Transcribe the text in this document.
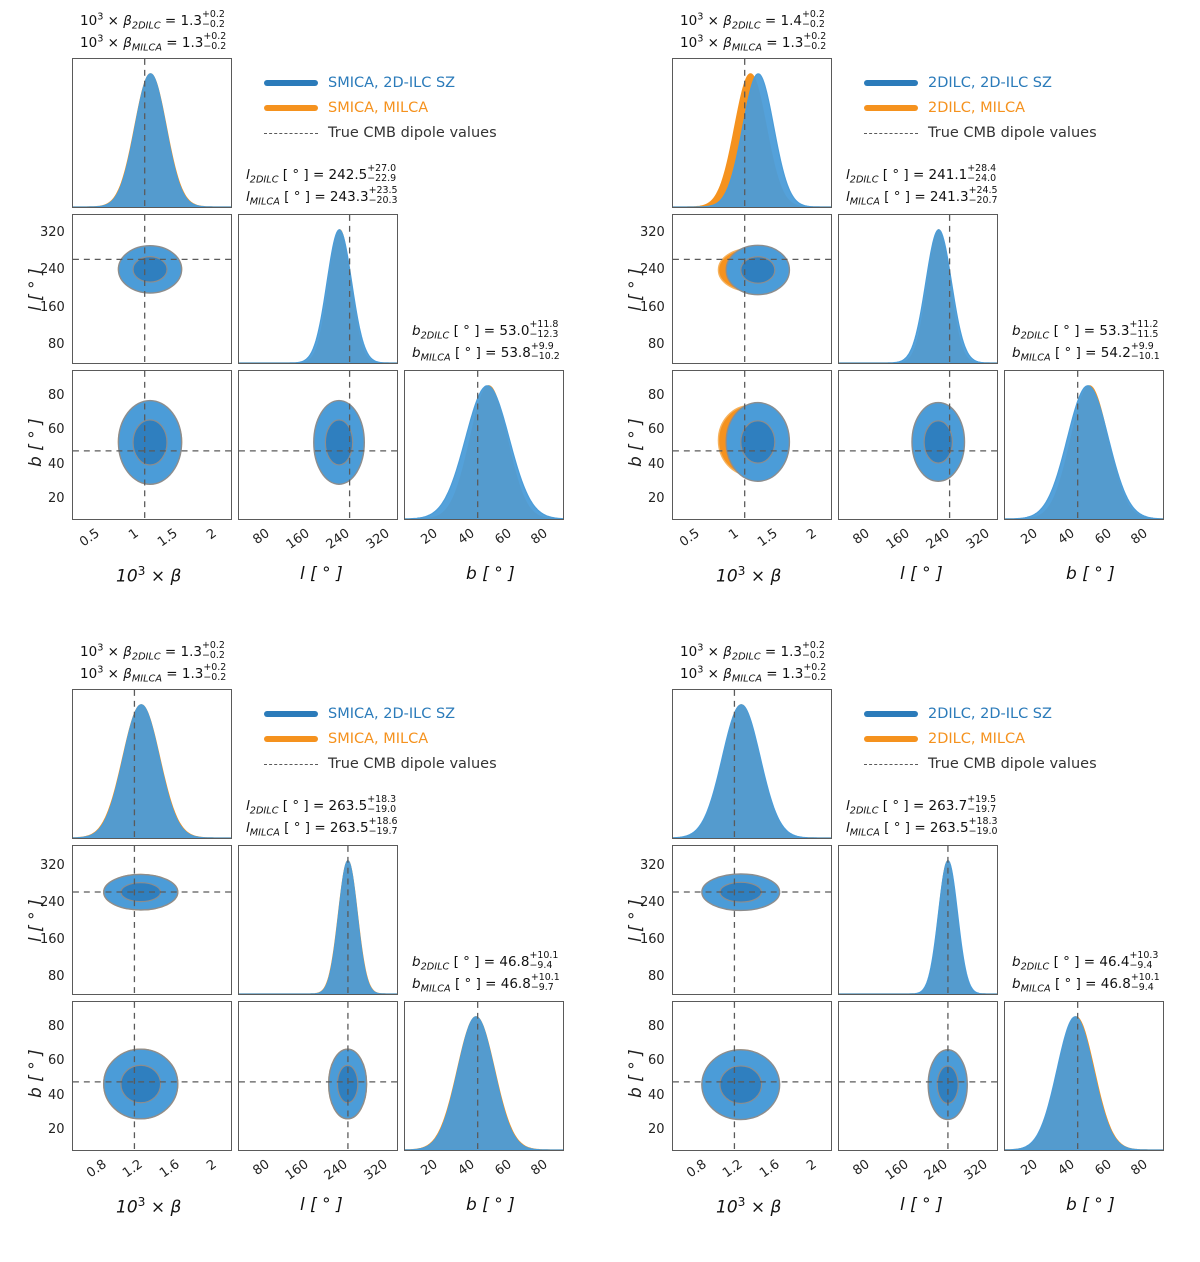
0.5	1	1.5	2	80 160 240 320	20	40	60	80
80
160
240
320
20
40
60
80
$10^3 \times \beta$	l [ ° ]	b [ ° ]
l [ ° ]
b [ ° ]
$10^3 \times \beta_{2DILC} = 1.3+0.2$
−0.2
$10^3 \times \beta_{MILCA} = 1.3+0.2$
−0.2
$l_{2DILC}$ [ ° ] = 242.5+27.0
−22.9
$l_{MILCA}$ [ ° ] = 243.3+23.5
−20.3
$b_{2DILC}$ [ ° ] = 53.0+11.8
−12.3
$b_{MILCA}$ [ ° ] = 53.8+9.9
−10.2
SMICA, 2D-ILC SZ
SMICA, MILCA
True CMB dipole values
0.5	1	1.5	2	80 160 240 320	20	40	60	80
80
160
240
320
20
40
60
80
$10^3 \times \beta$	l [ ° ]	b [ ° ]
l [ ° ]
b [ ° ]
$10^3 \times \beta_{2DILC} = 1.4+0.2$
−0.2
$10^3 \times \beta_{MILCA} = 1.3+0.2$
−0.2
$l_{2DILC}$ [ ° ] = 241.1+28.4
−24.0
$l_{MILCA}$ [ ° ] = 241.3+24.5
−20.7
$b_{2DILC}$ [ ° ] = 53.3+11.2
−11.5
$b_{MILCA}$ [ ° ] = 54.2+9.9
−10.1
2DILC, 2D-ILC SZ
2DILC, MILCA
True CMB dipole values
0.8 1.2 1.6	2	80 160 240 320	20	40	60	80
80
160
240
320
20
40
60
80
$10^3 \times \beta$	l [ ° ]	b [ ° ]
l [ ° ]
b [ ° ]
$10^3 \times \beta_{2DILC} = 1.3+0.2$
−0.2
$10^3 \times \beta_{MILCA} = 1.3+0.2$
−0.2
$l_{2DILC}$ [ ° ] = 263.5+18.3
−19.0
$l_{MILCA}$ [ ° ] = 263.5+18.6
−19.7
$b_{2DILC}$ [ ° ] = 46.8+10.1
−9.4
$b_{MILCA}$ [ ° ] = 46.8+10.1
−9.7
SMICA, 2D-ILC SZ
SMICA, MILCA
True CMB dipole values
0.8 1.2 1.6	2	80 160 240 320	20	40	60	80
80
160
240
320
20
40
60
80
$10^3 \times \beta$	l [ ° ]	b [ ° ]
l [ ° ]
b [ ° ]
$10^3 \times \beta_{2DILC} = 1.3+0.2$
−0.2
$10^3 \times \beta_{MILCA} = 1.3+0.2$
−0.2
$l_{2DILC}$ [ ° ] = 263.7+19.5
−19.7
$l_{MILCA}$ [ ° ] = 263.5+18.3
−19.0
$b_{2DILC}$ [ ° ] = 46.4+10.3
−9.4
$b_{MILCA}$ [ ° ] = 46.8+10.1
−9.4
2DILC, 2D-ILC SZ
2DILC, MILCA
True CMB dipole values
